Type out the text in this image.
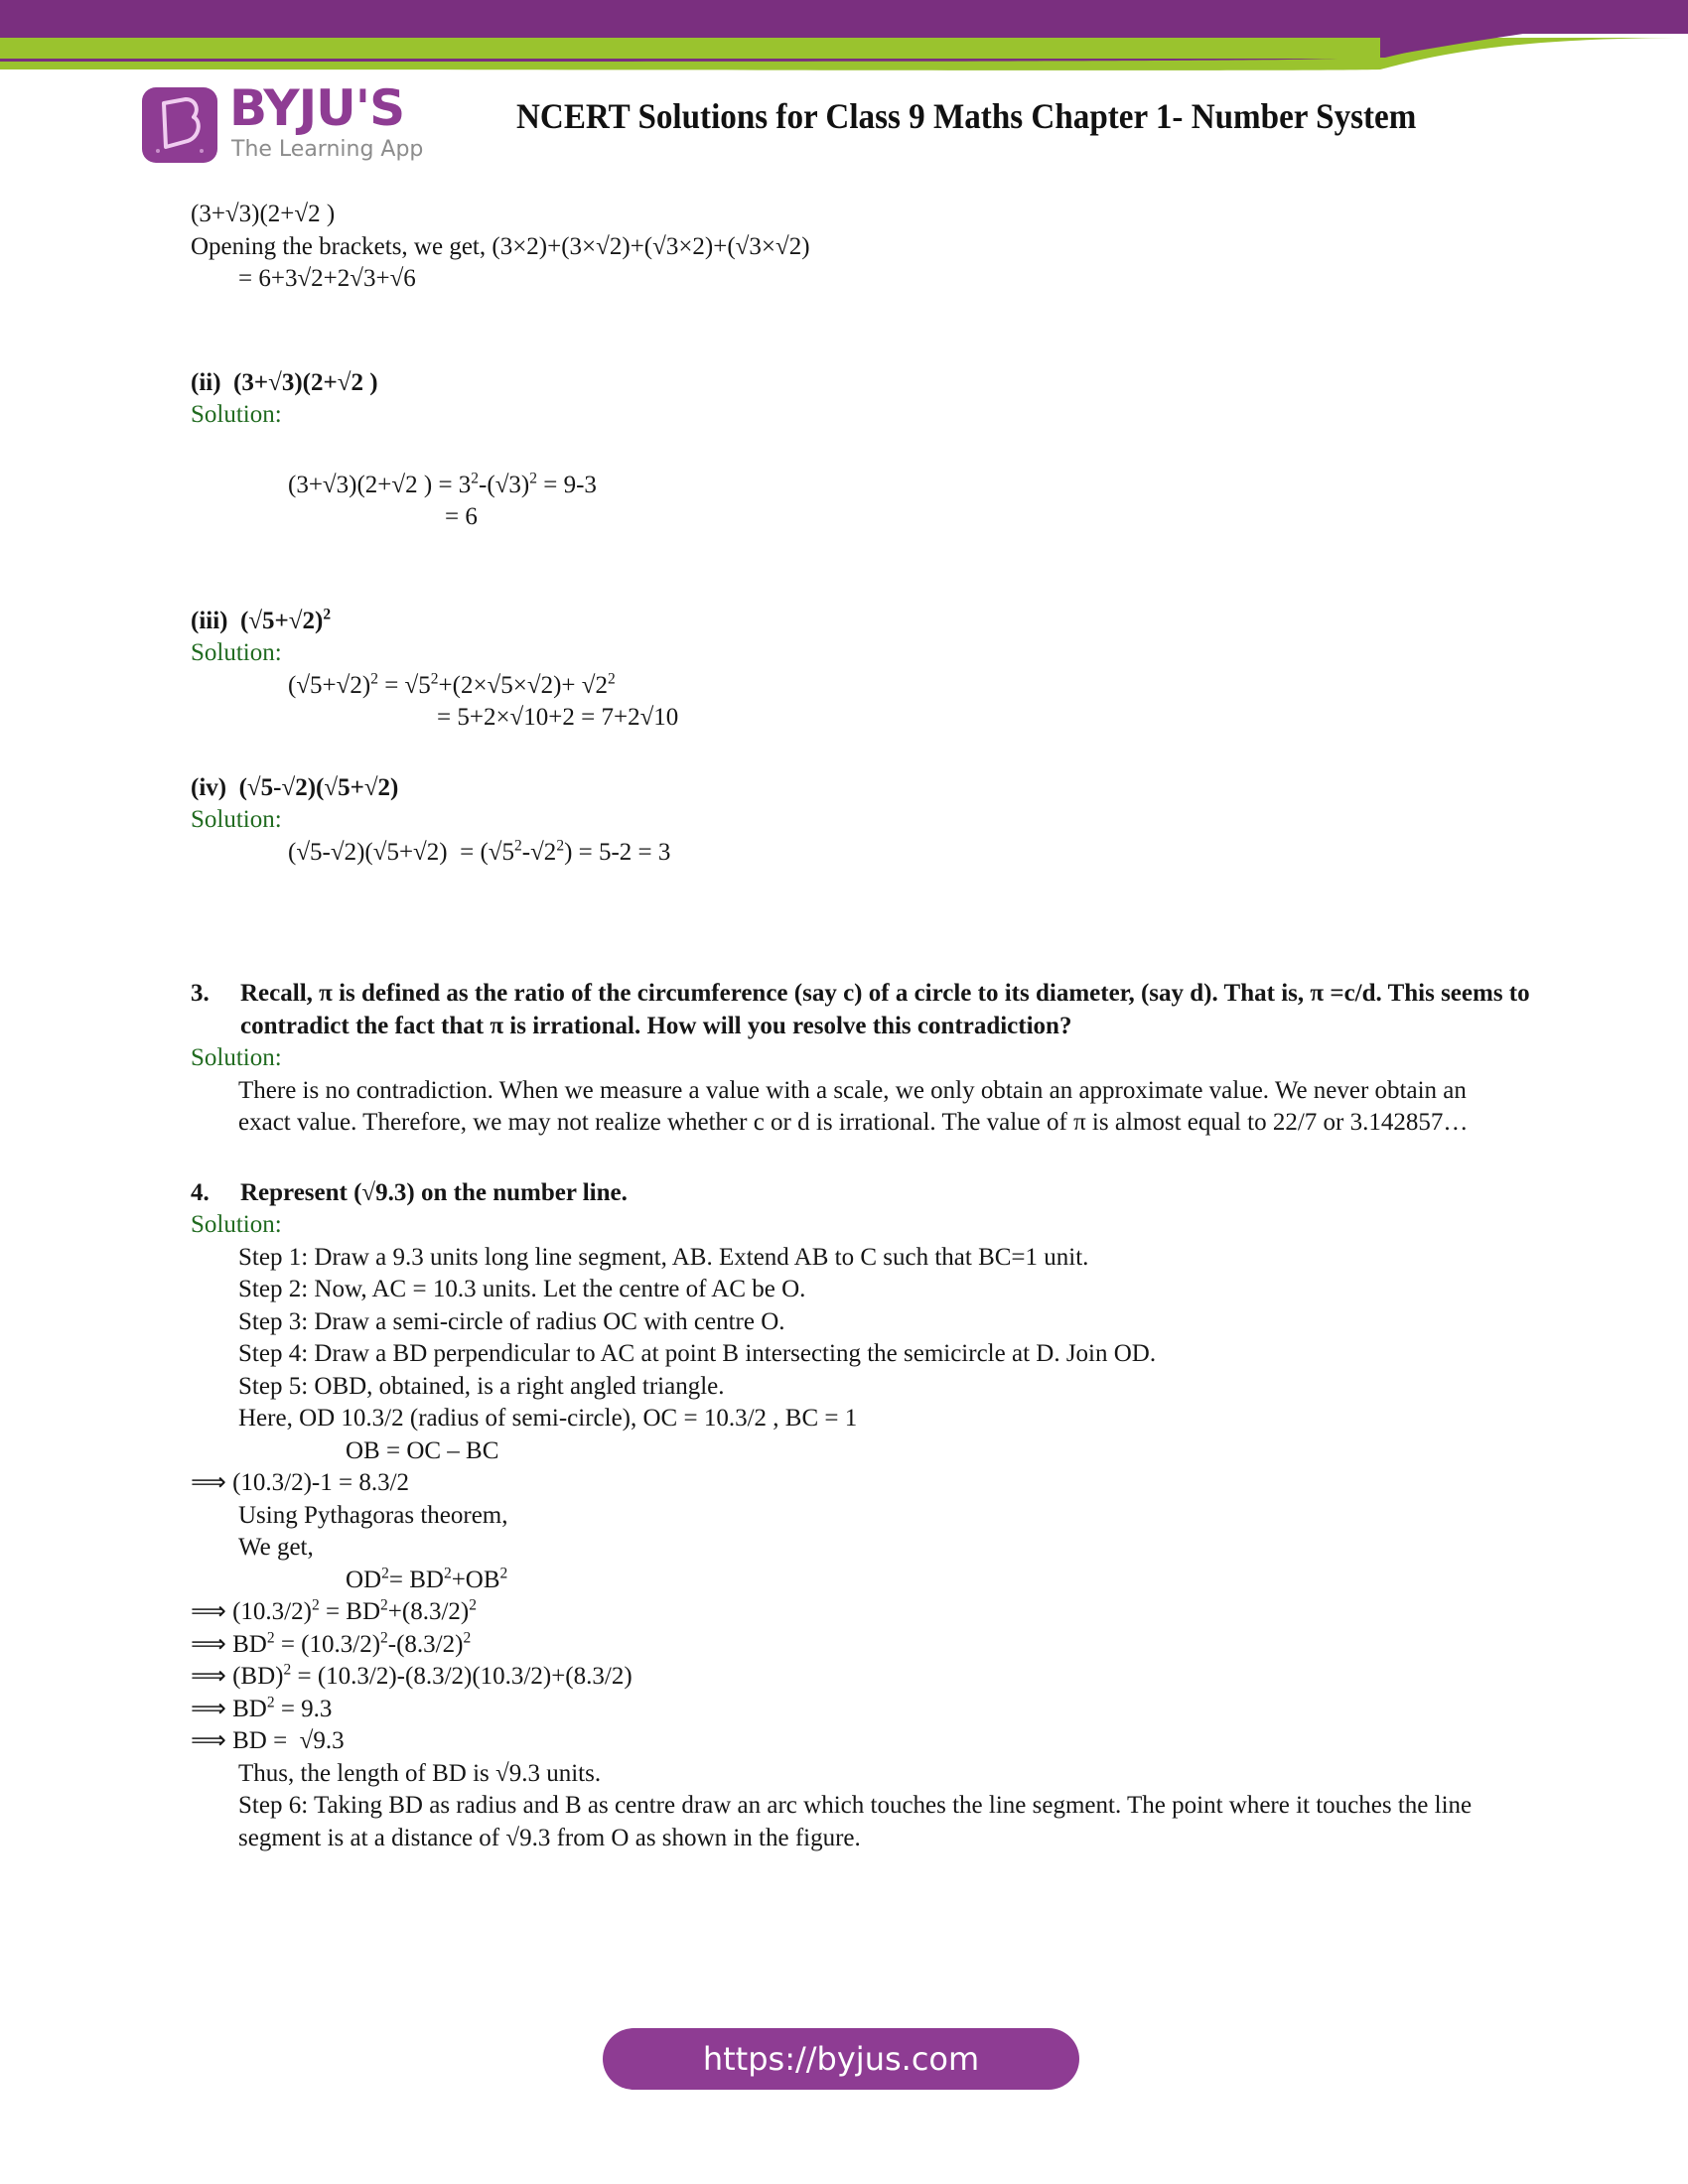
BYJU'S
The Learning App
NCERT Solutions for Class 9 Maths Chapter 1- Number System
(3+√3)(2+√2 )
Opening the brackets, we get, (3×2)+(3×√2)+(√3×2)+(√3×√2)
= 6+3√2+2√3+√6
(ii) (3+√3)(2+√2 )
Solution:
(3+√3)(2+√2 ) = $3^2-(√3)^2 = 9-3$
= 6
(iii) $(√5+√2)^2$
Solution:
$(√5+√2)^2 = √5^2+(2\times√5\times√2)+ √2^2$
= 5+2×√10+2 = 7+2√10
(iv) (√5-√2)(√5+√2)
Solution:
$(√5-√2)(√5+√2) = (√5^2-√2^2) = 5-2 = 3$
3. Recall, π is defined as the ratio of the circumference (say c) of a circle to its diameter, (say d). That is, π =c/d. This seems to contradict the fact that π is irrational. How will you resolve this contradiction?
Solution:
There is no contradiction. When we measure a value with a scale, we only obtain an approximate value. We never obtain an exact value. Therefore, we may not realize whether c or d is irrational. The value of π is almost equal to 22/7 or 3.142857…
4. Represent (√9.3) on the number line.
Solution:
Step 1: Draw a 9.3 units long line segment, AB. Extend AB to C such that BC=1 unit.
Step 2: Now, AC = 10.3 units. Let the centre of AC be O.
Step 3: Draw a semi-circle of radius OC with centre O.
Step 4: Draw a BD perpendicular to AC at point B intersecting the semicircle at D. Join OD.
Step 5: OBD, obtained, is a right angled triangle.
Here, OD 10.3/2 (radius of semi-circle), OC = 10.3/2 , BC = 1
OB = OC – BC
⟹ (10.3/2)-1 = 8.3/2
Using Pythagoras theorem,
We get,
$OD^2= BD^2+OB^2$
⟹ $(10.3/2)^2 = BD^2+(8.3/2)^2$
⟹ $BD^2 = (10.3/2)^2-(8.3/2)^2$
⟹ (BD)$^2$ = (10.3/2)-(8.3/2)(10.3/2)+(8.3/2)
⟹ $BD^2 = 9.3$
⟹ BD =  √9.3
Thus, the length of BD is √9.3 units.
Step 6: Taking BD as radius and B as centre draw an arc which touches the line segment. The point where it touches the line segment is at a distance of √9.3 from O as shown in the figure.
https://byjus.com
